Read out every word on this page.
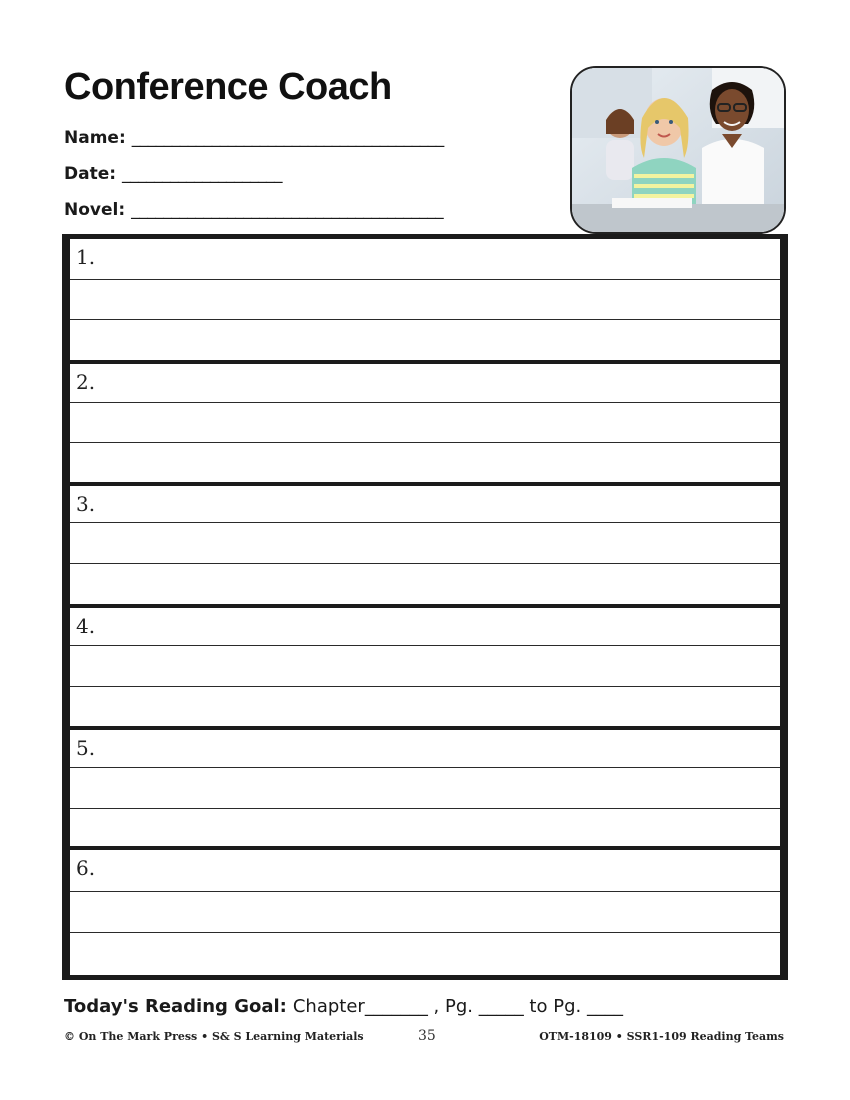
Conference Coach
Name: _______________________________________
Date: ____________________
Novel: _______________________________________
1.
2.
3.
4.
5.
6.
Today's Reading Goal: Chapter_______ , Pg. _____ to Pg. ____
© On The Mark Press • S& S Learning Materials	35	OTM-18109 • SSR1-109 Reading Teams
